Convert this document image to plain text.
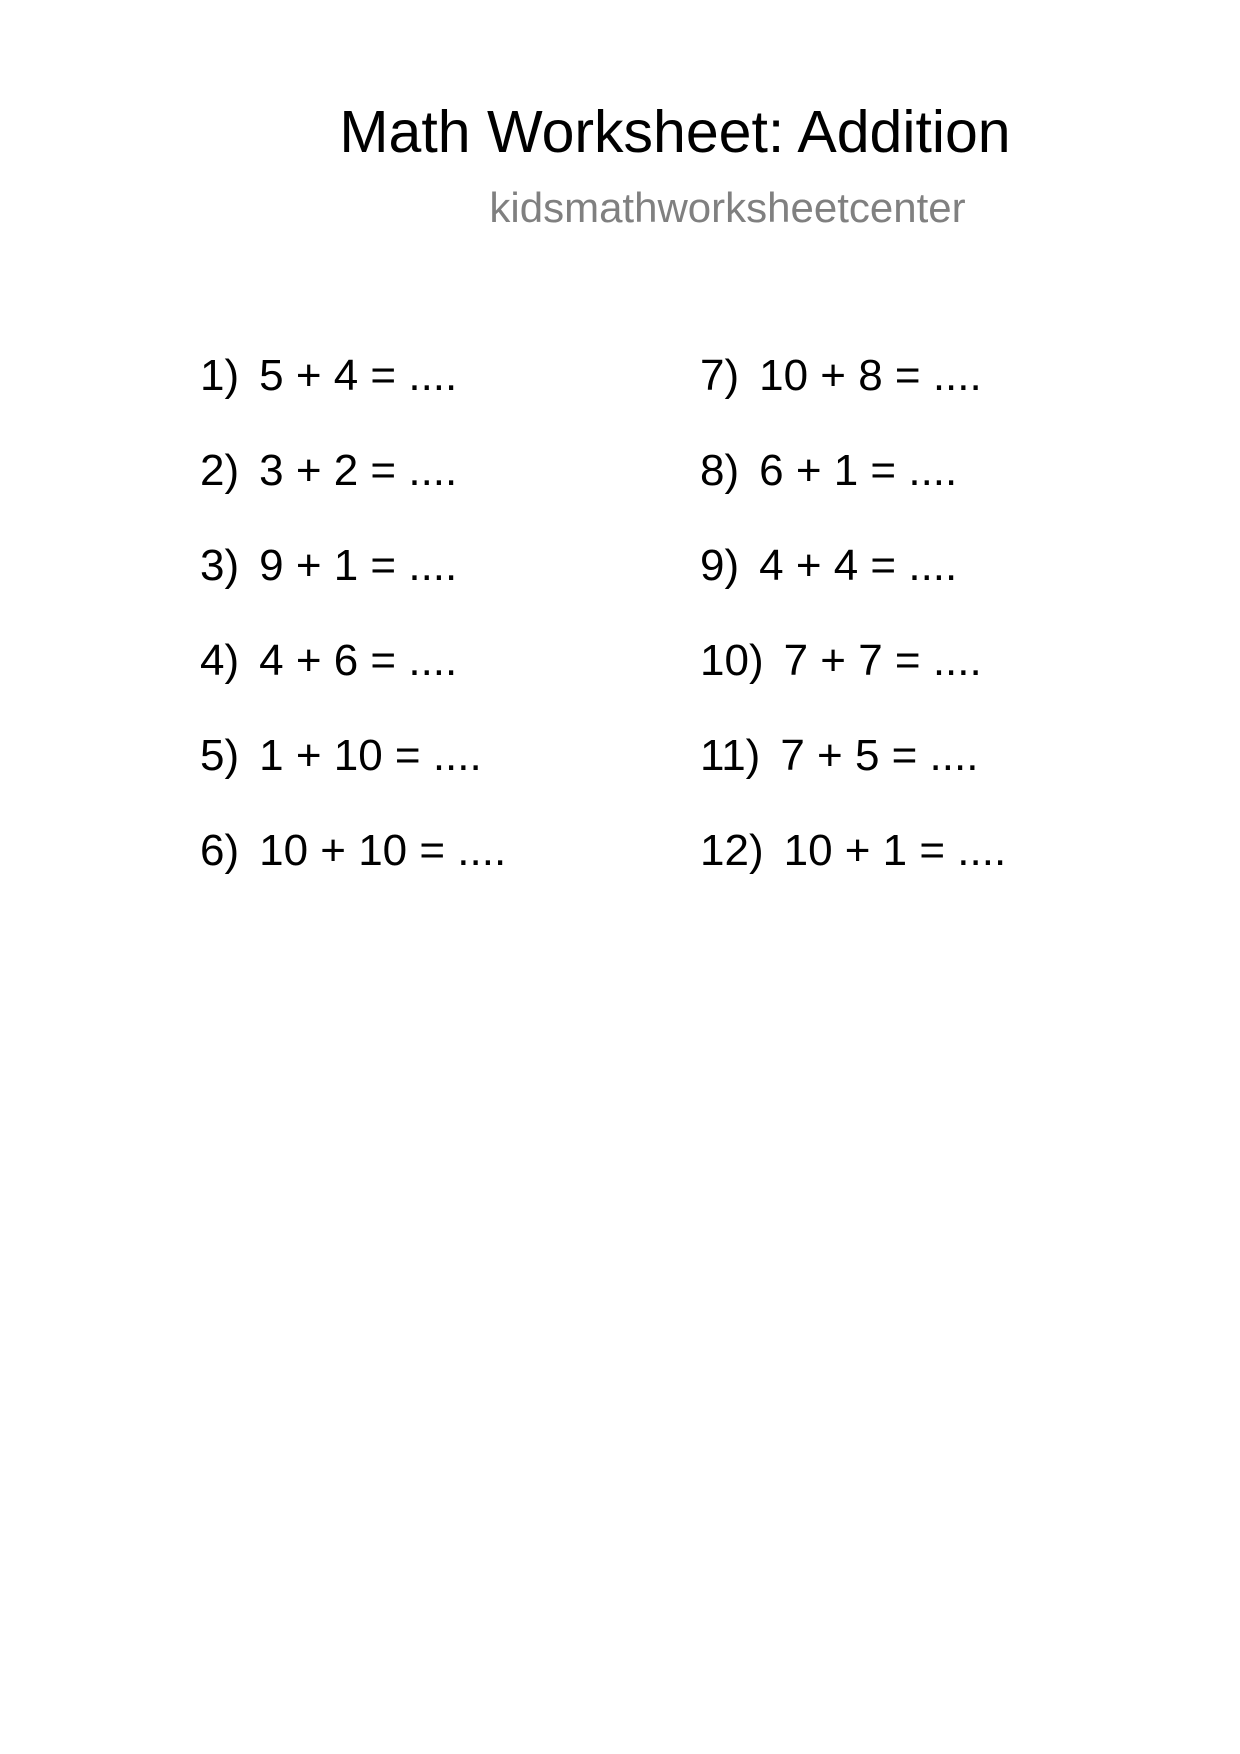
Math Worksheet: Addition
kidsmathworksheetcenter
1) 5 + 4 = ....
2) 3 + 2 = ....
3) 9 + 1 = ....
4) 4 + 6 = ....
5) 1 + 10 = ....
6) 10 + 10 = ....
7) 10 + 8 = ....
8) 6 + 1 = ....
9) 4 + 4 = ....
10) 7 + 7 = ....
11) 7 + 5 = ....
12) 10 + 1 = ....
